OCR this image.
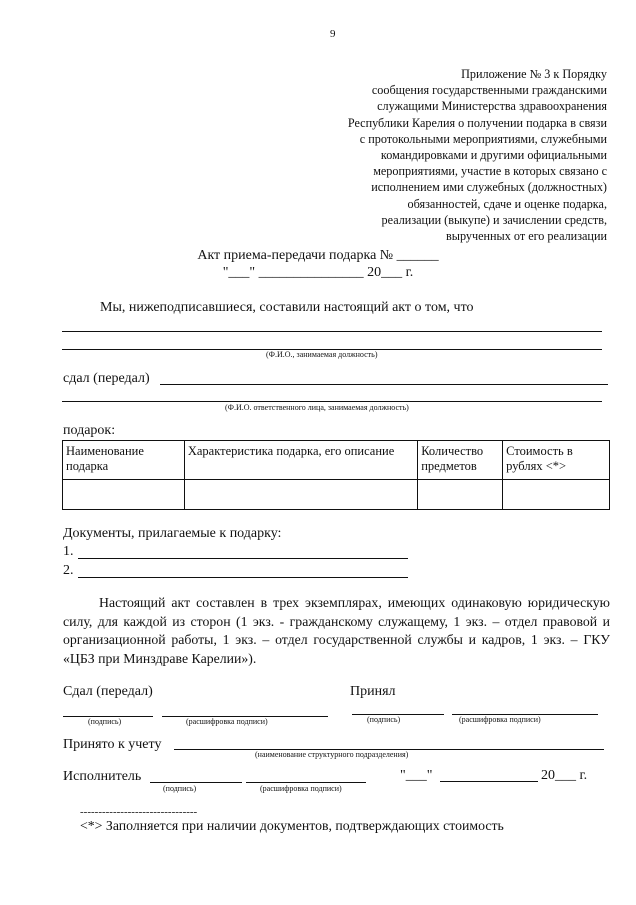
9
Приложение № 3 к Порядку
сообщения государственными гражданскими
служащими Министерства здравоохранения
Республики Карелия о получении подарка в связи
с протокольными мероприятиями, служебными
командировками и другими официальными
мероприятиями, участие в которых связано с
исполнением ими служебных (должностных)
обязанностей, сдаче и оценке подарка,
реализации (выкупе) и зачислении средств,
вырученных от его реализации
Акт приема-передачи подарка № ______
"___" _______________ 20___ г.
Мы, нижеподписавшиеся, составили настоящий акт о том, что
(Ф.И.О., занимаемая должность)
сдал (передал)
(Ф.И.О. ответственного лица, занимаемая должность)
подарок:
Наименование подарка	Характеристика подарка, его описание	Количество предметов	Стоимость в рублях <*>

Документы, прилагаемые к подарку:
1.
2.
Настоящий акт составлен в трех экземплярах, имеющих одинаковую юридическую силу, для каждой из сторон (1 экз. - гражданскому служащему, 1 экз. – отдел правовой и организационной работы, 1 экз. – отдел государственной службы и кадров, 1 экз. – ГКУ «ЦБЗ при Минздраве Карелии»).
Сдал (передал)	Принял
(подпись)	(расшифровка подписи)	(подпись)	(расшифровка подписи)
Принято к учету
(наименование структурного подразделения)
Исполнитель	"___"	20___ г.
(подпись)	(расшифровка подписи)
--------------------------------
<*> Заполняется при наличии документов, подтверждающих стоимость
